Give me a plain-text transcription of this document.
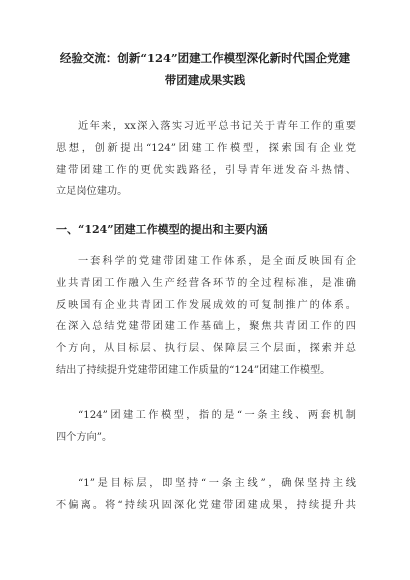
经验交流：创新“124”团建工作模型深化新时代国企党建
带团建成果实践

近年来，xx深入落实习近平总书记关于青年工作的重要
思想，创新提出“124”团建工作模型，探索国有企业党
建带团建工作的更优实践路径，引导青年迸发奋斗热情、
立足岗位建功。

一、“124”团建工作模型的提出和主要内涵

一套科学的党建带团建工作体系，是全面反映国有企
业共青团工作融入生产经营各环节的全过程标准，是准确
反映国有企业共青团工作发展成效的可复制推广的体系。
在深入总结党建带团建工作基础上，聚焦共青团工作的四
个方向，从目标层、执行层、保障层三个层面，探索并总
结出了持续提升党建带团建工作质量的“124”团建工作模型。

“124”团建工作模型，指的是“一条主线、两套机制
四个方向”。

“1”是目标层，即坚持“一条主线”，确保坚持主线
不偏离。将“持续巩固深化党建带团建成果，持续提升共
